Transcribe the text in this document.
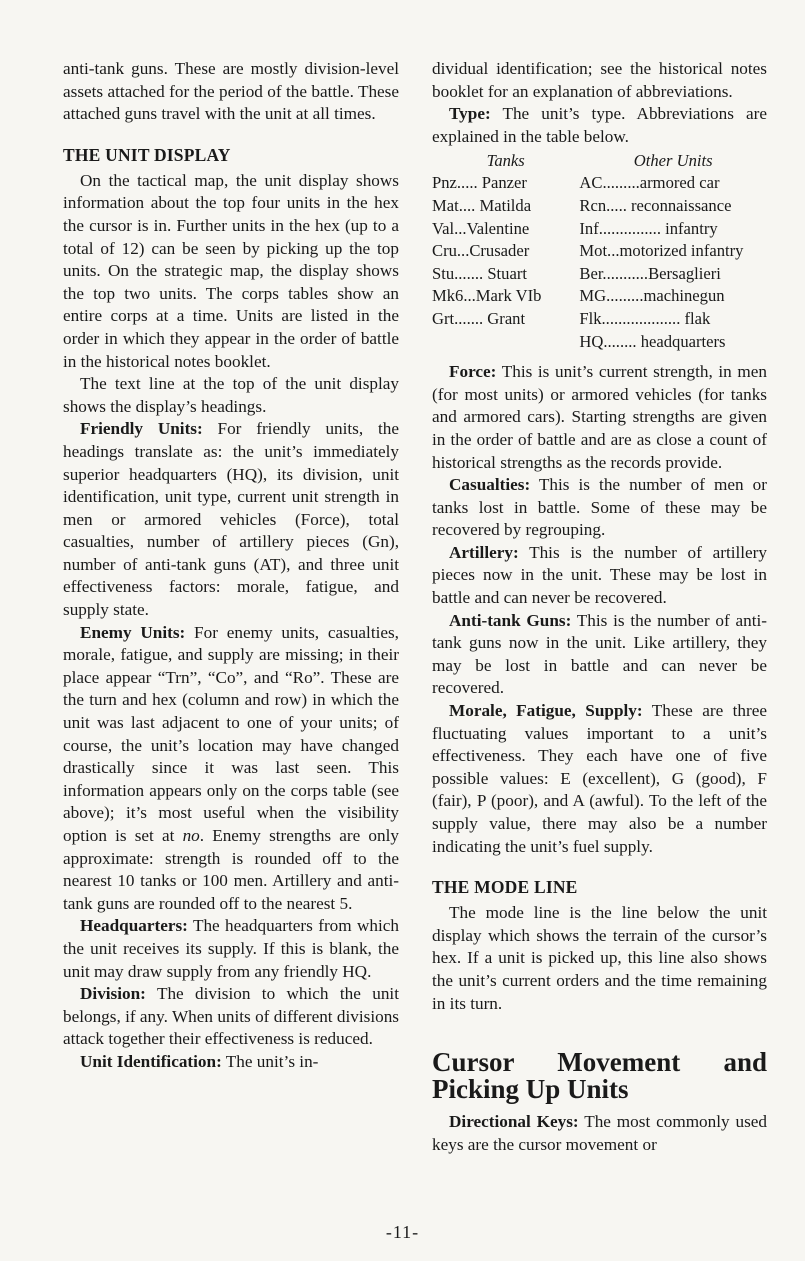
anti-tank guns. These are mostly division-level assets attached for the period of the battle. These attached guns travel with the unit at all times.

THE UNIT DISPLAY

On the tactical map, the unit display shows information about the top four units in the hex the cursor is in. Further units in the hex (up to a total of 12) can be seen by picking up the top units. On the strategic map, the display shows the top two units. The corps tables show an entire corps at a time. Units are listed in the order in which they appear in the order of battle in the historical notes booklet.

The text line at the top of the unit display shows the display’s headings.

Friendly Units: For friendly units, the headings translate as: the unit’s immediately superior headquarters (HQ), its division, unit identification, unit type, current unit strength in men or armored vehicles (Force), total casualties, number of artillery pieces (Gn), number of anti-tank guns (AT), and three unit effectiveness factors: morale, fatigue, and supply state.

Enemy Units: For enemy units, casualties, morale, fatigue, and supply are missing; in their place appear “Trn”, “Co”, and “Ro”. These are the turn and hex (column and row) in which the unit was last adjacent to one of your units; of course, the unit’s location may have changed drastically since it was last seen. This information appears only on the corps table (see above); it’s most useful when the visibility option is set at no. Enemy strengths are only approximate: strength is rounded off to the nearest 10 tanks or 100 men. Artillery and anti-tank guns are rounded off to the nearest 5.

Headquarters: The headquarters from which the unit receives its supply. If this is blank, the unit may draw supply from any friendly HQ.

Division: The division to which the unit belongs, if any. When units of different divisions attack together their effectiveness is reduced.

Unit Identification: The unit’s in-

dividual identification; see the historical notes booklet for an explanation of abbreviations.

Type: The unit’s type. Abbreviations are explained in the table below.

Tanks	Other Units
Pnz..... Panzer	AC.........armored car
Mat.... Matilda	Rcn..... reconnaissance
Val...Valentine	Inf............... infantry
Cru...Crusader	Mot...motorized infantry
Stu....... Stuart	Ber...........Bersaglieri
Mk6...Mark VIb	MG.........machinegun
Grt....... Grant	Flk................... flak
	HQ........ headquarters

Force: This is unit’s current strength, in men (for most units) or armored vehicles (for tanks and armored cars). Starting strengths are given in the order of battle and are as close a count of historical strengths as the records provide.

Casualties: This is the number of men or tanks lost in battle. Some of these may be recovered by regrouping.

Artillery: This is the number of artillery pieces now in the unit. These may be lost in battle and can never be recovered.

Anti-tank Guns: This is the number of anti-tank guns now in the unit. Like artillery, they may be lost in battle and can never be recovered.

Morale, Fatigue, Supply: These are three fluctuating values important to a unit’s effectiveness. They each have one of five possible values: E (excellent), G (good), F (fair), P (poor), and A (awful). To the left of the supply value, there may also be a number indicating the unit’s fuel supply.

THE MODE LINE

The mode line is the line below the unit display which shows the terrain of the cursor’s hex. If a unit is picked up, this line also shows the unit’s current orders and the time remaining in its turn.

Cursor Movement and Picking Up Units

Directional Keys: The most commonly used keys are the cursor movement or

-11-
